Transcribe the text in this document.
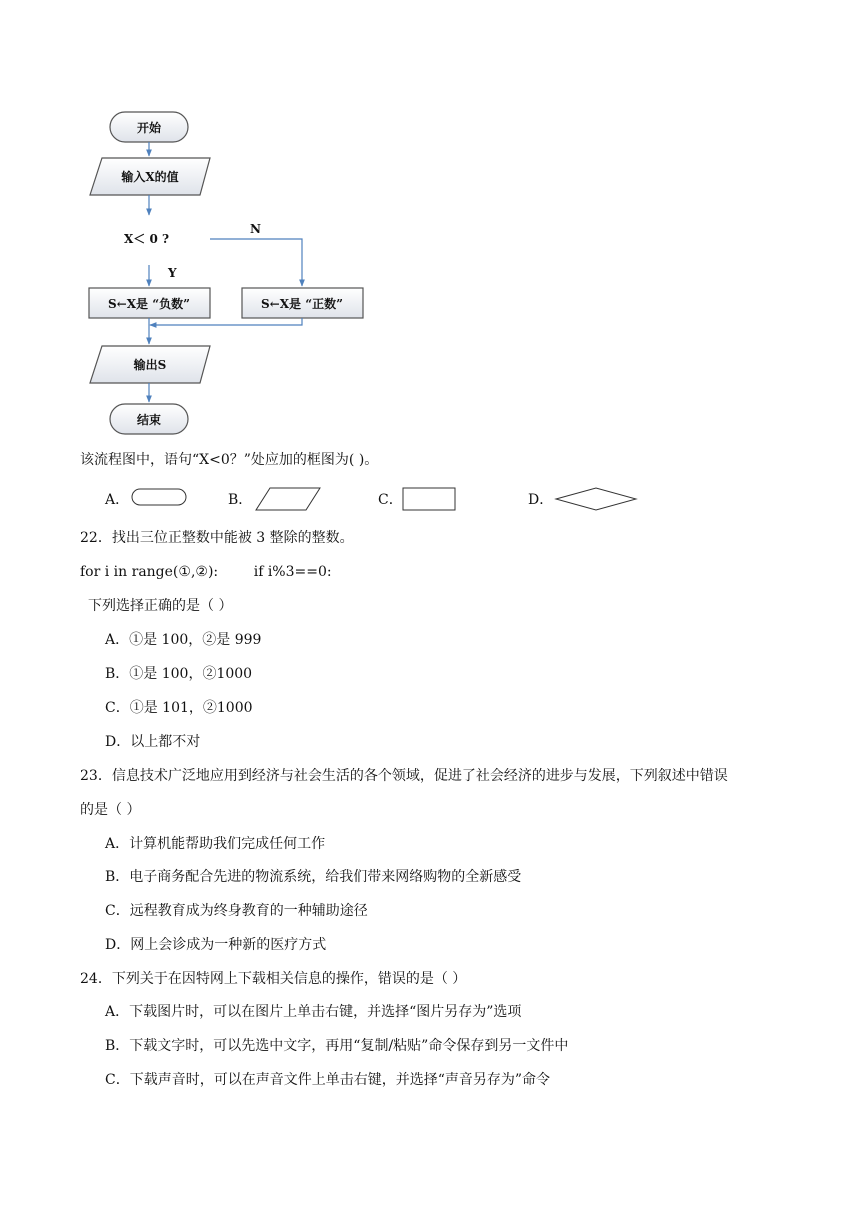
开始
输入X的值
X＜ 0 ?
N
Y
S←X是 “负数”	S←X是 “正数”
输出S
结束
该流程图中，语句“X<0？”处应加的框图为( )。
A．	B．	C．	D．
22．找出三位正整数中能被 3 整除的整数。
for i in range(①,②):        if i%3==0:
下列选择正确的是（ ）
A．①是 100，②是 999
B．①是 100，②1000
C．①是 101，②1000
D．以上都不对
23．信息技术广泛地应用到经济与社会生活的各个领域，促进了社会经济的进步与发展，下列叙述中错误
的是（ ）
A．计算机能帮助我们完成任何工作
B．电子商务配合先进的物流系统，给我们带来网络购物的全新感受
C．远程教育成为终身教育的一种辅助途径
D．网上会诊成为一种新的医疗方式
24．下列关于在因特网上下载相关信息的操作，错误的是（ ）
A．下载图片时，可以在图片上单击右键，并选择“图片另存为”选项
B．下载文字时，可以先选中文字，再用“复制/粘贴”命令保存到另一文件中
C．下载声音时，可以在声音文件上单击右键，并选择“声音另存为”命令
